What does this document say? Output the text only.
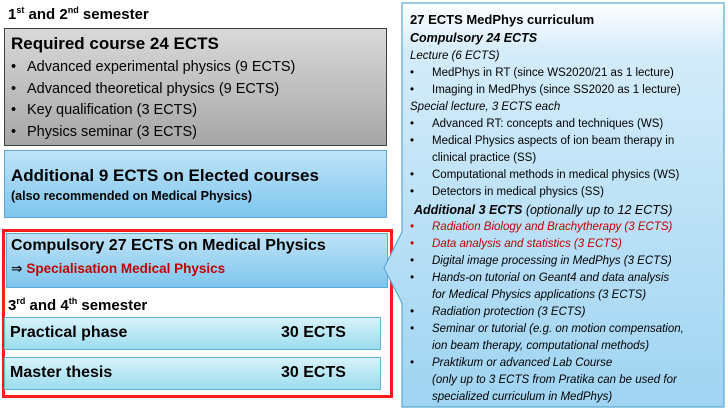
1st and 2nd semester
Required course 24 ECTS
• Advanced experimental physics (9 ECTS)
• Advanced theoretical physics (9 ECTS)
• Key qualification (3 ECTS)
• Physics seminar (3 ECTS)
Additional 9 ECTS on Elected courses
(also recommended on Medical Physics)
Compulsory 27 ECTS on Medical Physics
⇒ Specialisation Medical Physics
3rd and 4th semester
Practical phase	30 ECTS
Master thesis	30 ECTS
27 ECTS MedPhys curriculum
Compulsory 24 ECTS
Lecture (6 ECTS)
• MedPhys in RT (since WS2020/21 as 1 lecture)
• Imaging in MedPhys (since SS2020 as 1 lecture)
Special lecture, 3 ECTS each
• Advanced RT: concepts and techniques (WS)
• Medical Physics aspects of ion beam therapy in
clinical practice (SS)
• Computational methods in medical physics (WS)
• Detectors in medical physics (SS)
Additional 3 ECTS (optionally up to 12 ECTS)
• Radiation Biology and Brachytherapy (3 ECTS)
• Data analysis and statistics (3 ECTS)
• Digital image processing in MedPhys (3 ECTS)
• Hands-on tutorial on Geant4 and data analysis
for Medical Physics applications (3 ECTS)
• Radiation protection (3 ECTS)
• Seminar or tutorial (e.g. on motion compensation,
ion beam therapy, computational methods)
• Praktikum or advanced Lab Course
(only up to 3 ECTS from Pratika can be used for
specialized curriculum in MedPhys)
